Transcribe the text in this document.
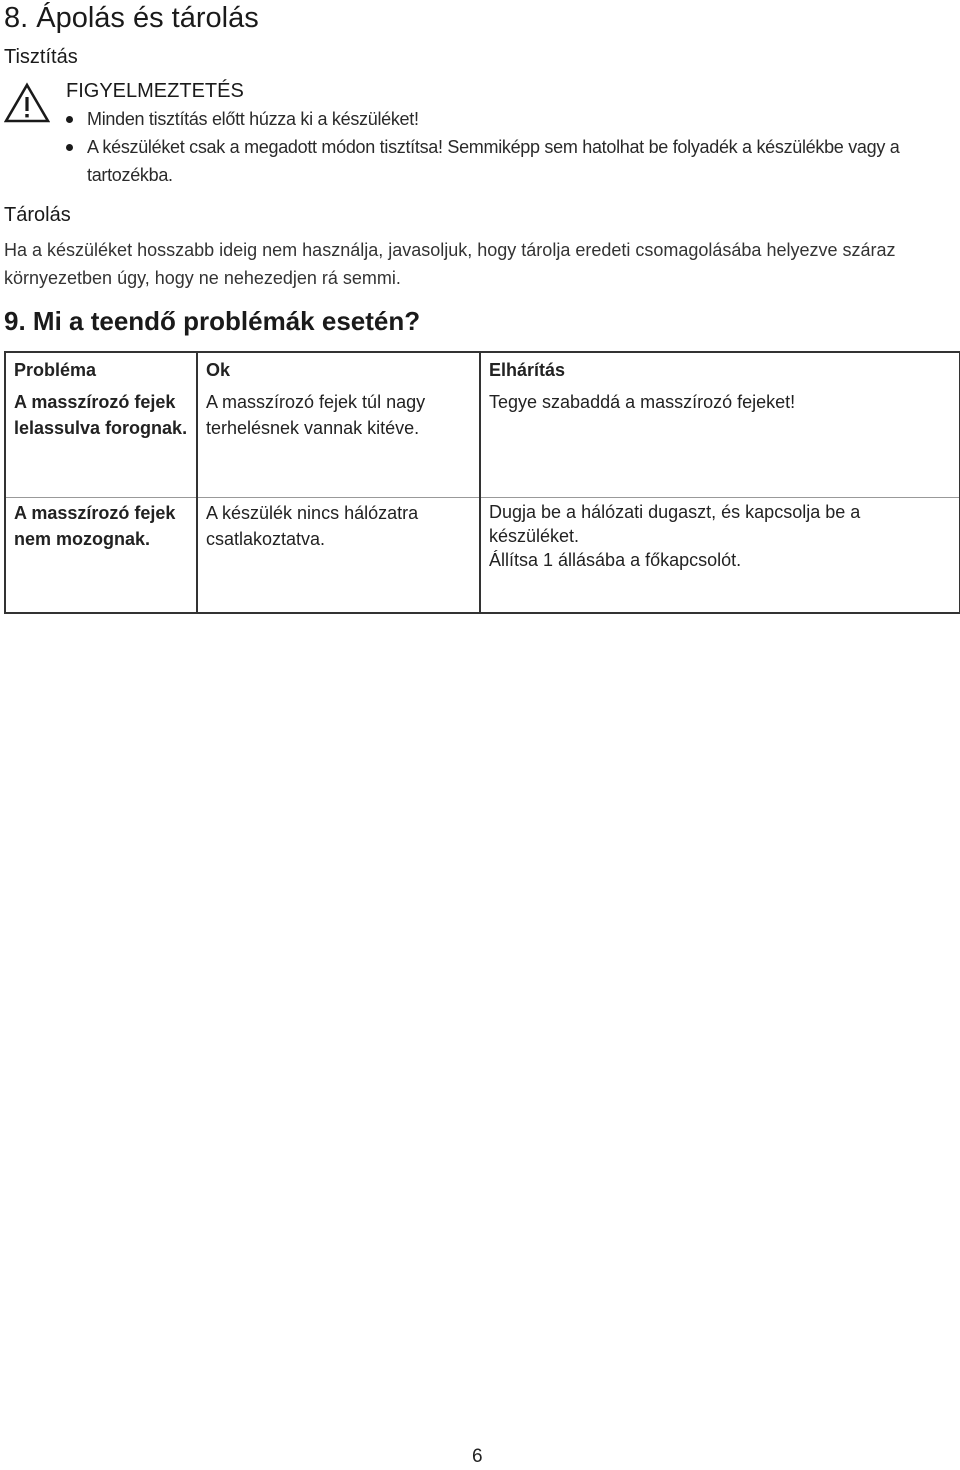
8. Ápolás és tárolás
Tisztítás
FIGYELMEZTETÉS
Minden tisztítás előtt húzza ki a készüléket!
A készüléket csak a megadott módon tisztítsa! Semmiképp sem hatolhat be folyadék a készülékbe vagy a tartozékba.
Tárolás

Ha a készüléket hosszabb ideig nem használja, javasoljuk, hogy tárolja eredeti csomagolásába helyezve száraz környezetben úgy, hogy ne nehezedjen rá semmi.

9. Mi a teendő problémák esetén?
Probléma	Ok	Elhárítás
A masszírozó fejek lelassulva forognak.	A masszírozó fejek túl nagy terhelésnek vannak kitéve.	Tegye szabaddá a masszírozó fejeket!

A masszírozó fejek nem mozognak.	A készülék nincs hálózatra csatlakoztatva.	Dugja be a hálózati dugaszt, és kapcsolja be a készüléket.
Állítsa 1 állásába a főkapcsolót.
6
